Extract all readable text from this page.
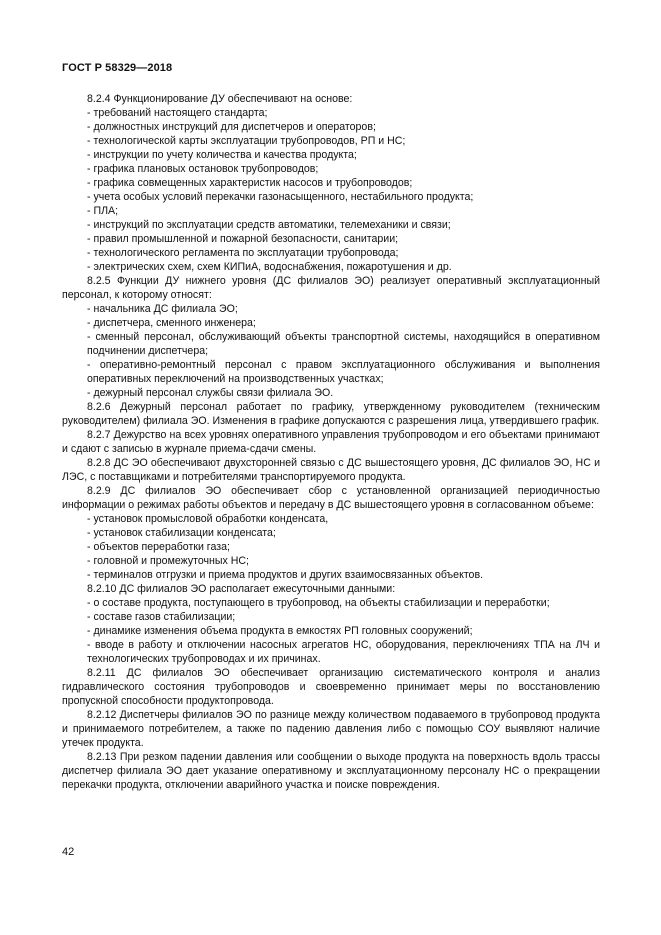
ГОСТ Р 58329—2018
8.2.4 Функционирование ДУ обеспечивают на основе:
- требований настоящего стандарта;
- должностных инструкций для диспетчеров и операторов;
- технологической карты эксплуатации трубопроводов, РП и НС;
- инструкции по учету количества и качества продукта;
- графика плановых остановок трубопроводов;
- графика совмещенных характеристик насосов и трубопроводов;
- учета особых условий перекачки газонасыщенного, нестабильного продукта;
- ПЛА;
- инструкций по эксплуатации средств автоматики, телемеханики и связи;
- правил промышленной и пожарной безопасности, санитарии;
- технологического регламента по эксплуатации трубопровода;
- электрических схем, схем КИПиА, водоснабжения, пожаротушения и др.
8.2.5 Функции ДУ нижнего уровня (ДС филиалов ЭО) реализует оперативный эксплуатационный персонал, к которому относят:
- начальника ДС филиала ЭО;
- диспетчера, сменного инженера;
- сменный персонал, обслуживающий объекты транспортной системы, находящийся в оперативном подчинении диспетчера;
- оперативно-ремонтный персонал с правом эксплуатационного обслуживания и выполнения оперативных переключений на производственных участках;
- дежурный персонал службы связи филиала ЭО.
8.2.6 Дежурный персонал работает по графику, утвержденному руководителем (техническим руководителем) филиала ЭО. Изменения в графике допускаются с разрешения лица, утвердившего график.
8.2.7 Дежурство на всех уровнях оперативного управления трубопроводом и его объектами принимают и сдают с записью в журнале приема-сдачи смены.
8.2.8 ДС ЭО обеспечивают двухсторонней связью с ДС вышестоящего уровня, ДС филиалов ЭО, НС и ЛЭС, с поставщиками и потребителями транспортируемого продукта.
8.2.9 ДС филиалов ЭО обеспечивает сбор с установленной организацией периодичностью информации о режимах работы объектов и передачу в ДС вышестоящего уровня в согласованном объеме:
- установок промысловой обработки конденсата,
- установок стабилизации конденсата;
- объектов переработки газа;
- головной и промежуточных НС;
- терминалов отгрузки и приема продуктов и других взаимосвязанных объектов.
8.2.10 ДС филиалов ЭО располагает ежесуточными данными:
- о составе продукта, поступающего в трубопровод, на объекты стабилизации и переработки;
- составе газов стабилизации;
- динамике изменения объема продукта в емкостях РП головных сооружений;
- вводе в работу и отключении насосных агрегатов НС, оборудования, переключениях ТПА на ЛЧ и технологических трубопроводах и их причинах.
8.2.11 ДС филиалов ЭО обеспечивает организацию систематического контроля и анализ гидравлического состояния трубопроводов и своевременно принимает меры по восстановлению пропускной способности продуктопровода.
8.2.12 Диспетчеры филиалов ЭО по разнице между количеством подаваемого в трубопровод продукта и принимаемого потребителем, а также по падению давления либо с помощью СОУ выявляют наличие утечек продукта.
8.2.13 При резком падении давления или сообщении о выходе продукта на поверхность вдоль трассы диспетчер филиала ЭО дает указание оперативному и эксплуатационному персоналу НС о прекращении перекачки продукта, отключении аварийного участка и поиске повреждения.
42
